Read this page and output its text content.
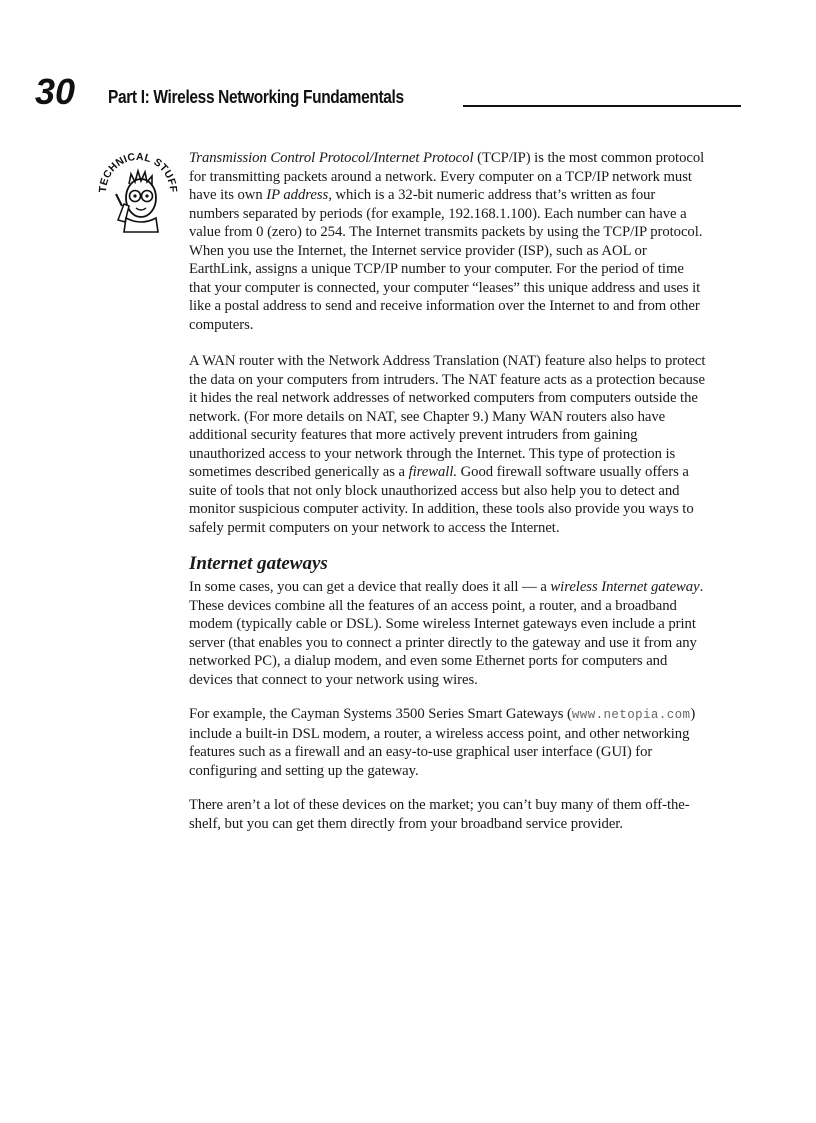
30 Part I: Wireless Networking Fundamentals
TECHNICAL STUFF

Transmission Control Protocol/Internet Protocol (TCP/IP) is the most common protocol for transmitting packets around a network. Every computer on a TCP/IP network must have its own IP address, which is a 32-bit numeric address that’s written as four numbers separated by periods (for example, 192.168.1.100). Each number can have a value from 0 (zero) to 254. The Internet transmits packets by using the TCP/IP protocol. When you use the Internet, the Internet service provider (ISP), such as AOL or EarthLink, assigns a unique TCP/IP number to your computer. For the period of time that your computer is connected, your computer “leases” this unique address and uses it like a postal address to send and receive information over the Internet to and from other computers.

A WAN router with the Network Address Translation (NAT) feature also helps to protect the data on your computers from intruders. The NAT feature acts as a protection because it hides the real network addresses of networked computers from computers outside the network. (For more details on NAT, see Chapter 9.) Many WAN routers also have additional security features that more actively prevent intruders from gaining unauthorized access to your network through the Internet. This type of protection is sometimes described generically as a firewall. Good firewall software usually offers a suite of tools that not only block unauthorized access but also help you to detect and monitor suspicious computer activity. In addition, these tools also provide you ways to safely permit computers on your network to access the Internet.

Internet gateways

In some cases, you can get a device that really does it all — a wireless Internet gateway. These devices combine all the features of an access point, a router, and a broadband modem (typically cable or DSL). Some wireless Internet gateways even include a print server (that enables you to connect a printer directly to the gateway and use it from any networked PC), a dialup modem, and even some Ethernet ports for computers and devices that connect to your network using wires.

For example, the Cayman Systems 3500 Series Smart Gateways (www.netopia.com) include a built-in DSL modem, a router, a wireless access point, and other networking features such as a firewall and an easy-to-use graphical user interface (GUI) for configuring and setting up the gateway.

There aren’t a lot of these devices on the market; you can’t buy many of them off-the-shelf, but you can get them directly from your broadband service provider.
